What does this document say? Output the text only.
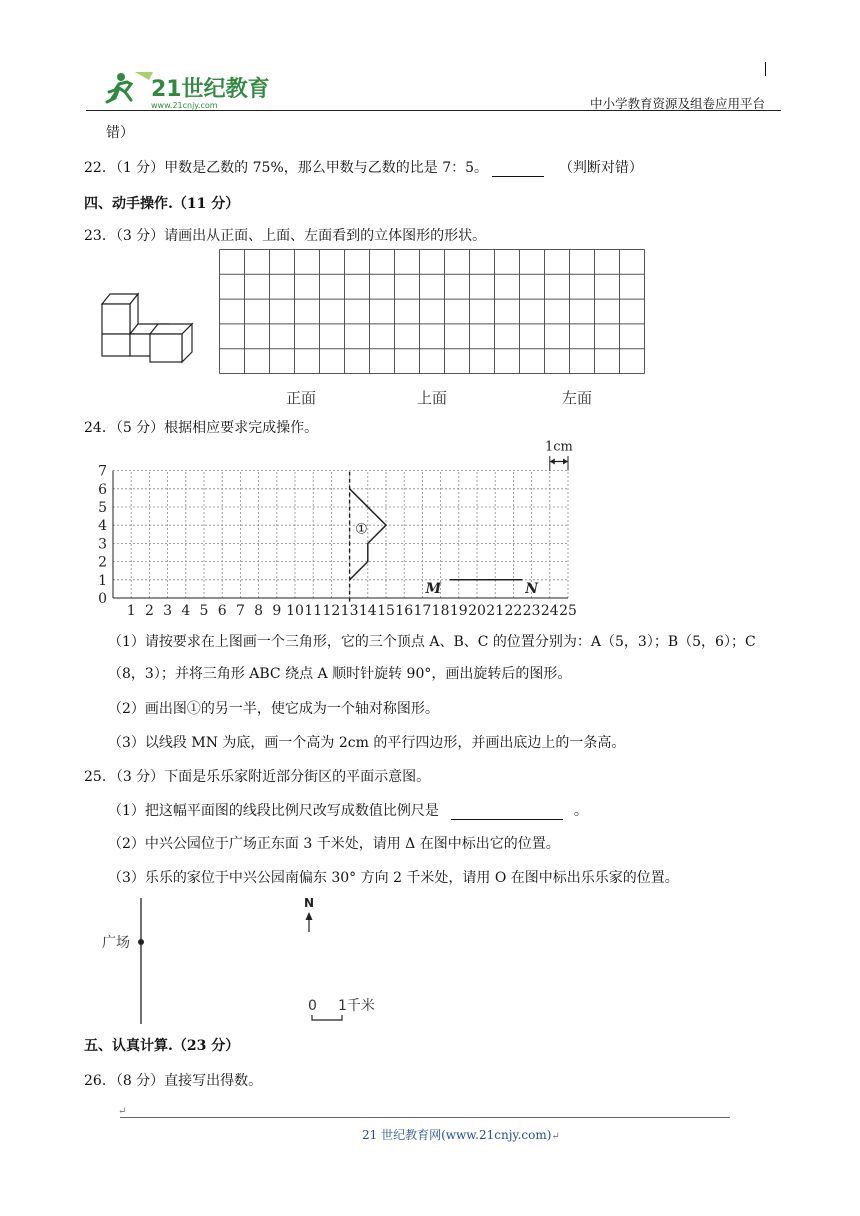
21世纪教育
www.21cnjy.com	中小学教育资源及组卷应用平台
错）
22．（1 分）甲数是乙数的 75%，那么甲数与乙数的比是 7：5。	（判断对错）
四、动手操作.（11 分）
23．（3 分）请画出从正面、上面、左面看到的立体图形的形状。
正面	上面	左面
24．（5 分）根据相应要求完成操作。
0
1
2
3
4
5
6
7
1 2 3 4 5 6 7 8 9 10 11 12 13 14 15 16 17 18 19 20 21 22 23 24 25
①
M	N
1cm
（1）请按要求在上图画一个三角形，它的三个顶点 A、B、C 的位置分别为：A（5，3）；B（5，6）；C
（8，3）；并将三角形 ABC 绕点 A 顺时针旋转 90°，画出旋转后的图形。
（2）画出图①的另一半，使它成为一个轴对称图形。
（3）以线段 MN 为底，画一个高为 2cm 的平行四边形，并画出底边上的一条高。
25．（3 分）下面是乐乐家附近部分街区的平面示意图。
（1）把这幅平面图的线段比例尺改写成数值比例尺是	。
（2）中兴公园位于广场正东面 3 千米处，请用 Δ 在图中标出它的位置。
（3）乐乐的家位于中兴公园南偏东 30° 方向 2 千米处，请用 O 在图中标出乐乐家的位置。
广场
N
0 1千米
五、认真计算.（23 分）
26．（8 分）直接写出得数。
↵
21 世纪教育网(www.21cnjy.com)↵
